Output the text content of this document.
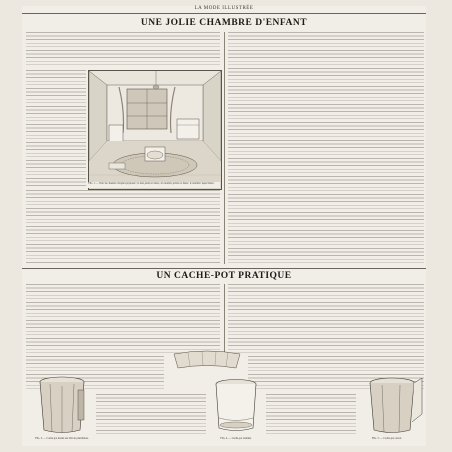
LA MODE ILLUSTRÉE
UNE JOLIE CHAMBRE D'ENFANT
FIG. 1. — Voici la chambre d'enfant proposée; le bois peint en blanc, les lambris peints en blanc, le mobilier laqué blanc.
UN CACHE-POT PRATIQUE
FIG. 3. — Cache-pot monté sur bâti de planchettes.	FIG. 4. — Cache-pot terminé.	FIG. 5. — Cache-pot ouvert.
